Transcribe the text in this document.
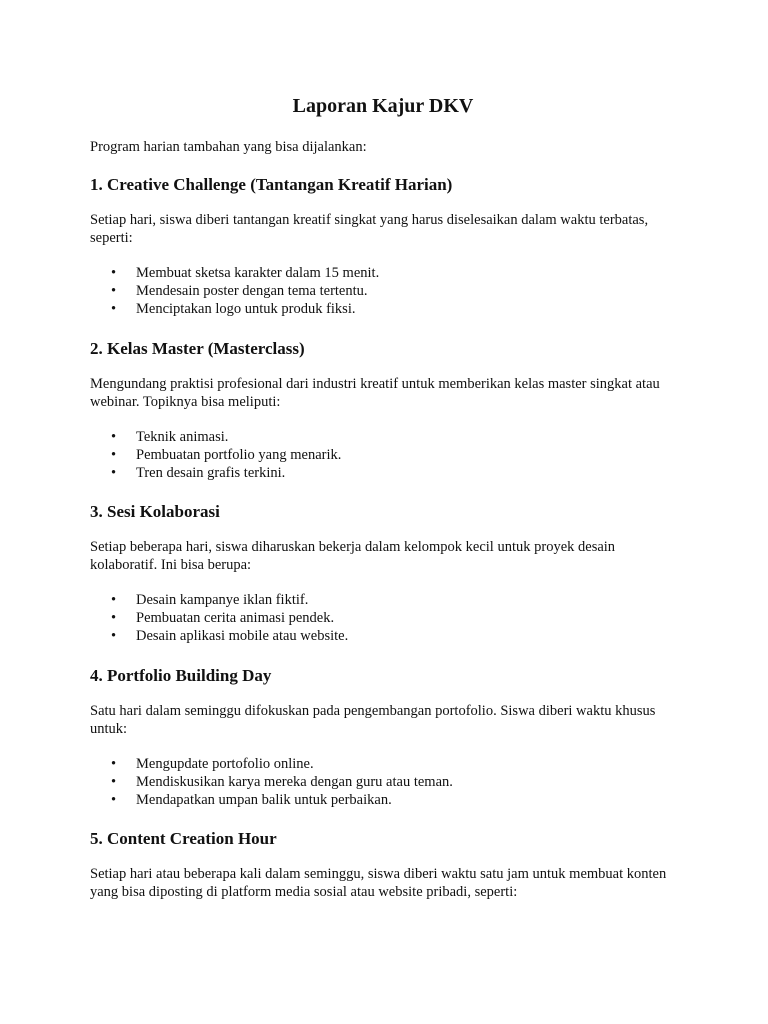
Laporan Kajur DKV

Program harian tambahan yang bisa dijalankan:

1. Creative Challenge (Tantangan Kreatif Harian)

Setiap hari, siswa diberi tantangan kreatif singkat yang harus diselesaikan dalam waktu terbatas, seperti:

• Membuat sketsa karakter dalam 15 menit.
• Mendesain poster dengan tema tertentu.
• Menciptakan logo untuk produk fiksi.
2. Kelas Master (Masterclass)

Mengundang praktisi profesional dari industri kreatif untuk memberikan kelas master singkat atau webinar. Topiknya bisa meliputi:

• Teknik animasi.
• Pembuatan portfolio yang menarik.
• Tren desain grafis terkini.
3. Sesi Kolaborasi

Setiap beberapa hari, siswa diharuskan bekerja dalam kelompok kecil untuk proyek desain kolaboratif. Ini bisa berupa:

• Desain kampanye iklan fiktif.
• Pembuatan cerita animasi pendek.
• Desain aplikasi mobile atau website.
4. Portfolio Building Day

Satu hari dalam seminggu difokuskan pada pengembangan portofolio. Siswa diberi waktu khusus untuk:

• Mengupdate portofolio online.
• Mendiskusikan karya mereka dengan guru atau teman.
• Mendapatkan umpan balik untuk perbaikan.
5. Content Creation Hour

Setiap hari atau beberapa kali dalam seminggu, siswa diberi waktu satu jam untuk membuat konten yang bisa diposting di platform media sosial atau website pribadi, seperti:
